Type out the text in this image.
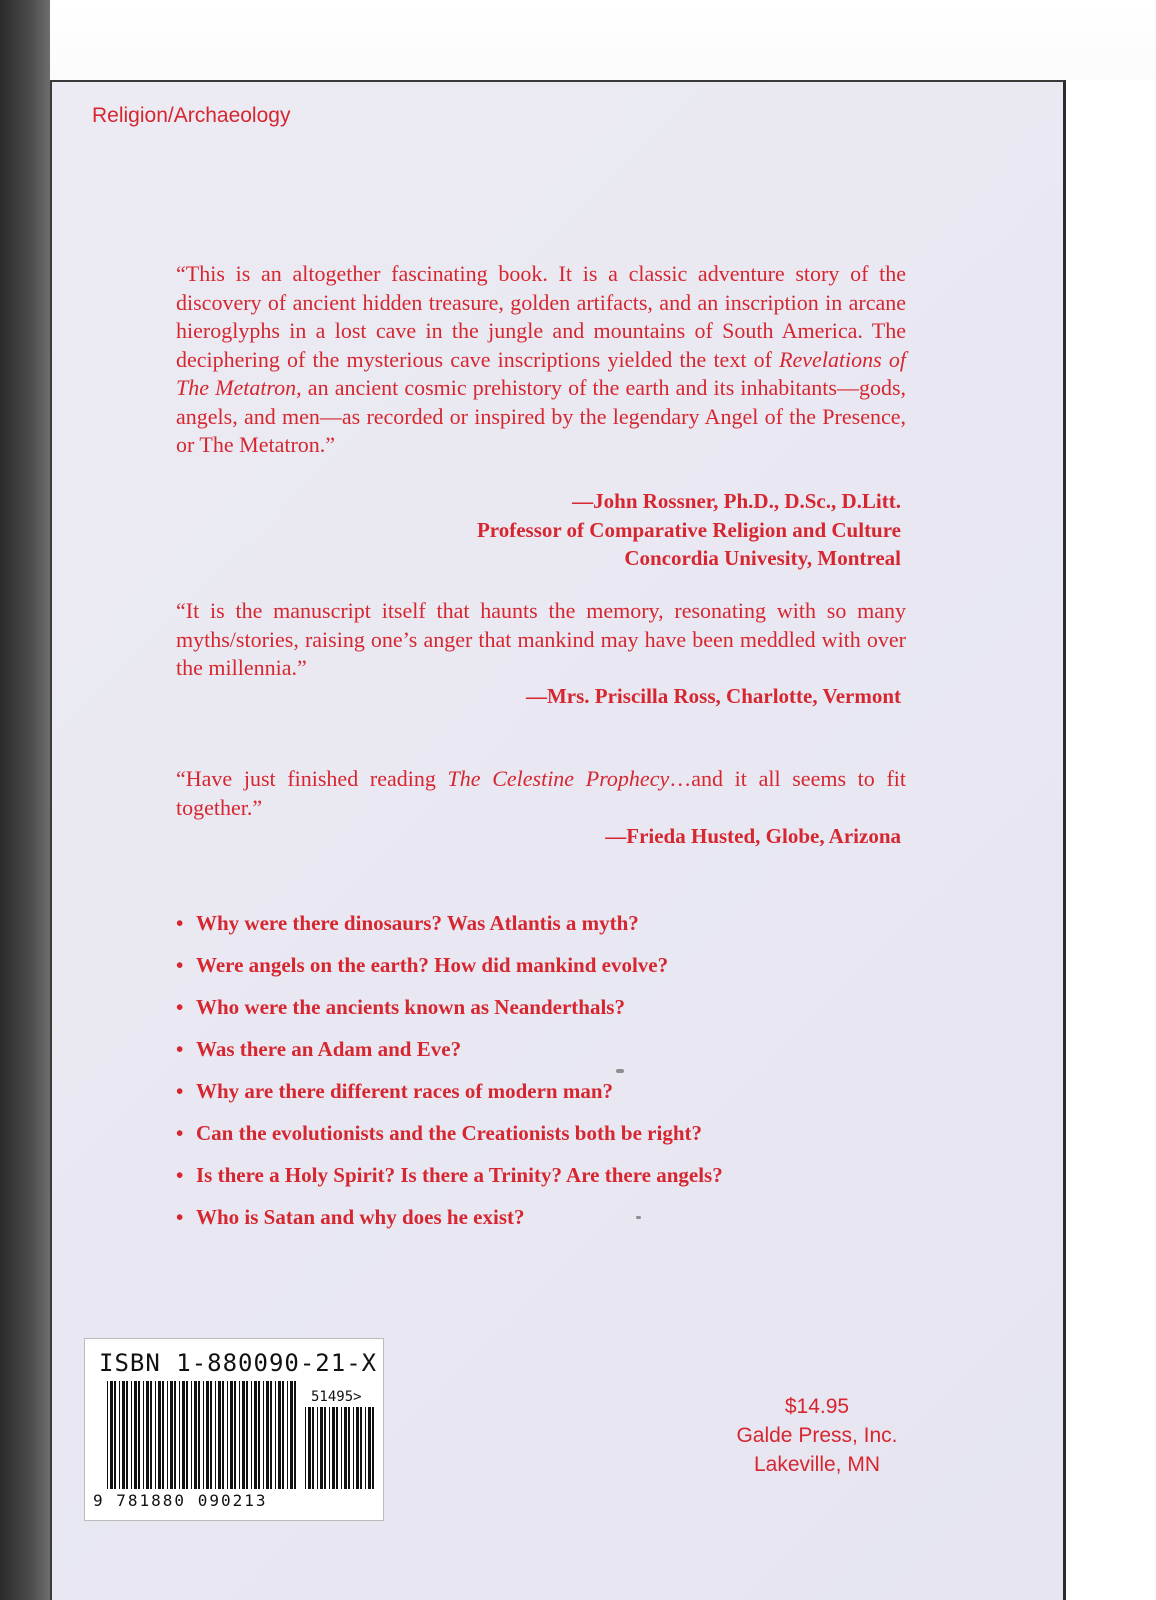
Religion/Archaeology
“This is an altogether fascinating book. It is a classic adventure story of the discovery of ancient hidden treasure, golden artifacts, and an inscription in arcane hieroglyphs in a lost cave in the jungle and mountains of South America. The deciphering of the mysterious cave inscriptions yielded the text of Revelations of The Metatron, an ancient cosmic prehistory of the earth and its inhabitants—gods, angels, and men—as recorded or inspired by the legendary Angel of the Presence, or The Metatron.”
—John Rossner, Ph.D., D.Sc., D.Litt.
Professor of Comparative Religion and Culture
Concordia Univesity, Montreal
“It is the manuscript itself that haunts the memory, resonating with so many myths/stories, raising one’s anger that mankind may have been meddled with over the millennia.”
—Mrs. Priscilla Ross, Charlotte, Vermont
“Have just finished reading The Celestine Prophecy…and it all seems to fit together.”
—Frieda Husted, Globe, Arizona
• Why were there dinosaurs? Was Atlantis a myth?
• Were angels on the earth? How did mankind evolve?
• Who were the ancients known as Neanderthals?
• Was there an Adam and Eve?
• Why are there different races of modern man?
• Can the evolutionists and the Creationists both be right?
• Is there a Holy Spirit? Is there a Trinity? Are there angels?
• Who is Satan and why does he exist?
ISBN 1-880090-21-X
51495>
9 781880 090213
$14.95
Galde Press, Inc.
Lakeville, MN
